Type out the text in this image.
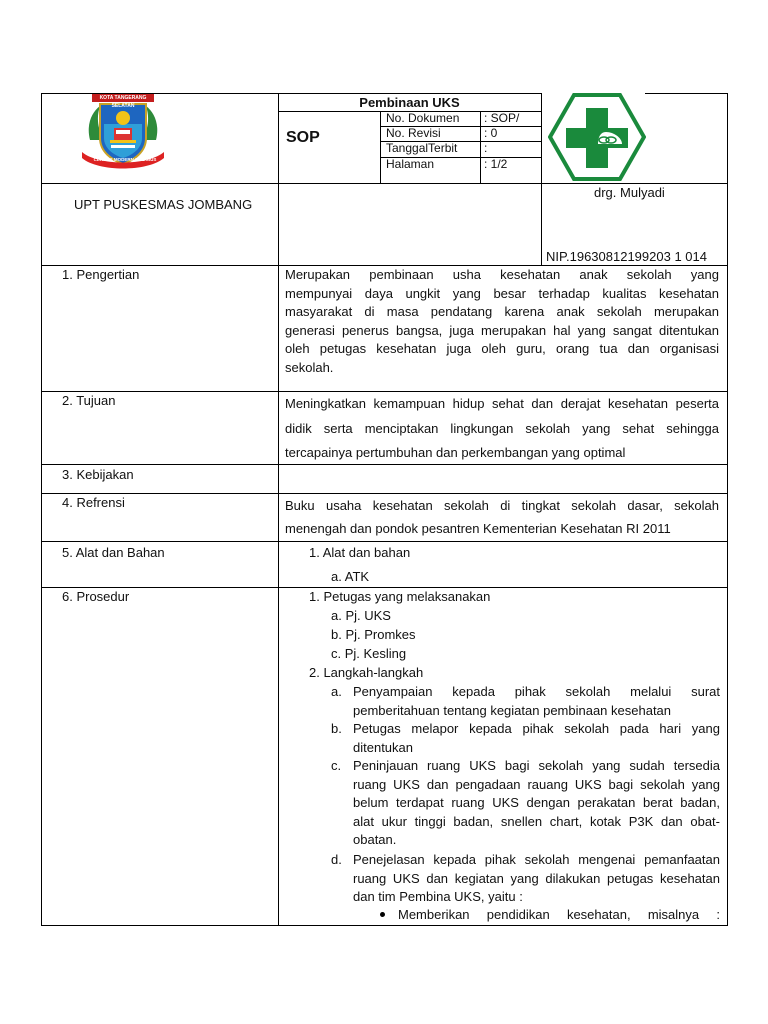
KOTA TANGERANG SELATAN
CERDAS MODERN RELIGIUS
Pembinaan UKS
SOP
No. Dokumen : SOP/
No. Revisi	: 0
TanggalTerbit :
Halaman	: 1/2
UPT PUSKESMAS JOMBANG
drg. Mulyadi
NIP.19630812199203 1 014
1. Pengertian	Merupakan pembinaan usha kesehatan anak sekolah yang
mempunyai daya ungkit yang besar terhadap kualitas kesehatan
masyarakat di masa pendatang karena anak sekolah merupakan
generasi penerus bangsa, juga merupakan hal yang sangat ditentukan
oleh petugas kesehatan juga oleh guru, orang tua dan organisasi
sekolah.
2. Tujuan	Meningkatkan kemampuan hidup sehat dan derajat kesehatan peserta
didik serta menciptakan lingkungan sekolah yang sehat sehingga
tercapainya pertumbuhan dan perkembangan yang optimal
3. Kebijakan
4. Refrensi	Buku usaha kesehatan sekolah di tingkat sekolah dasar, sekolah
menengah dan pondok pesantren Kementerian Kesehatan RI 2011
5. Alat dan Bahan	1. Alat dan bahan
a. ATK
6. Prosedur	1. Petugas yang melaksanakan
a. Pj. UKS
b. Pj. Promkes
c. Pj. Kesling
2. Langkah-langkah
a. Penyampaian kepada pihak sekolah melalui surat
pemberitahuan tentang kegiatan pembinaan kesehatan
b. Petugas melapor kepada pihak sekolah pada hari yang
ditentukan
c. Peninjauan ruang UKS bagi sekolah yang sudah tersedia
ruang UKS dan pengadaan rauang UKS bagi sekolah yang
belum terdapat ruang UKS dengan perakatan berat badan,
alat ukur tinggi badan, snellen chart, kotak P3K dan obat-
obatan.
d. Penejelasan kepada pihak sekolah mengenai pemanfaatan
ruang UKS dan kegiatan yang dilakukan petugas kesehatan
dan tim Pembina UKS, yaitu :
Memberikan pendidikan kesehatan, misalnya :
